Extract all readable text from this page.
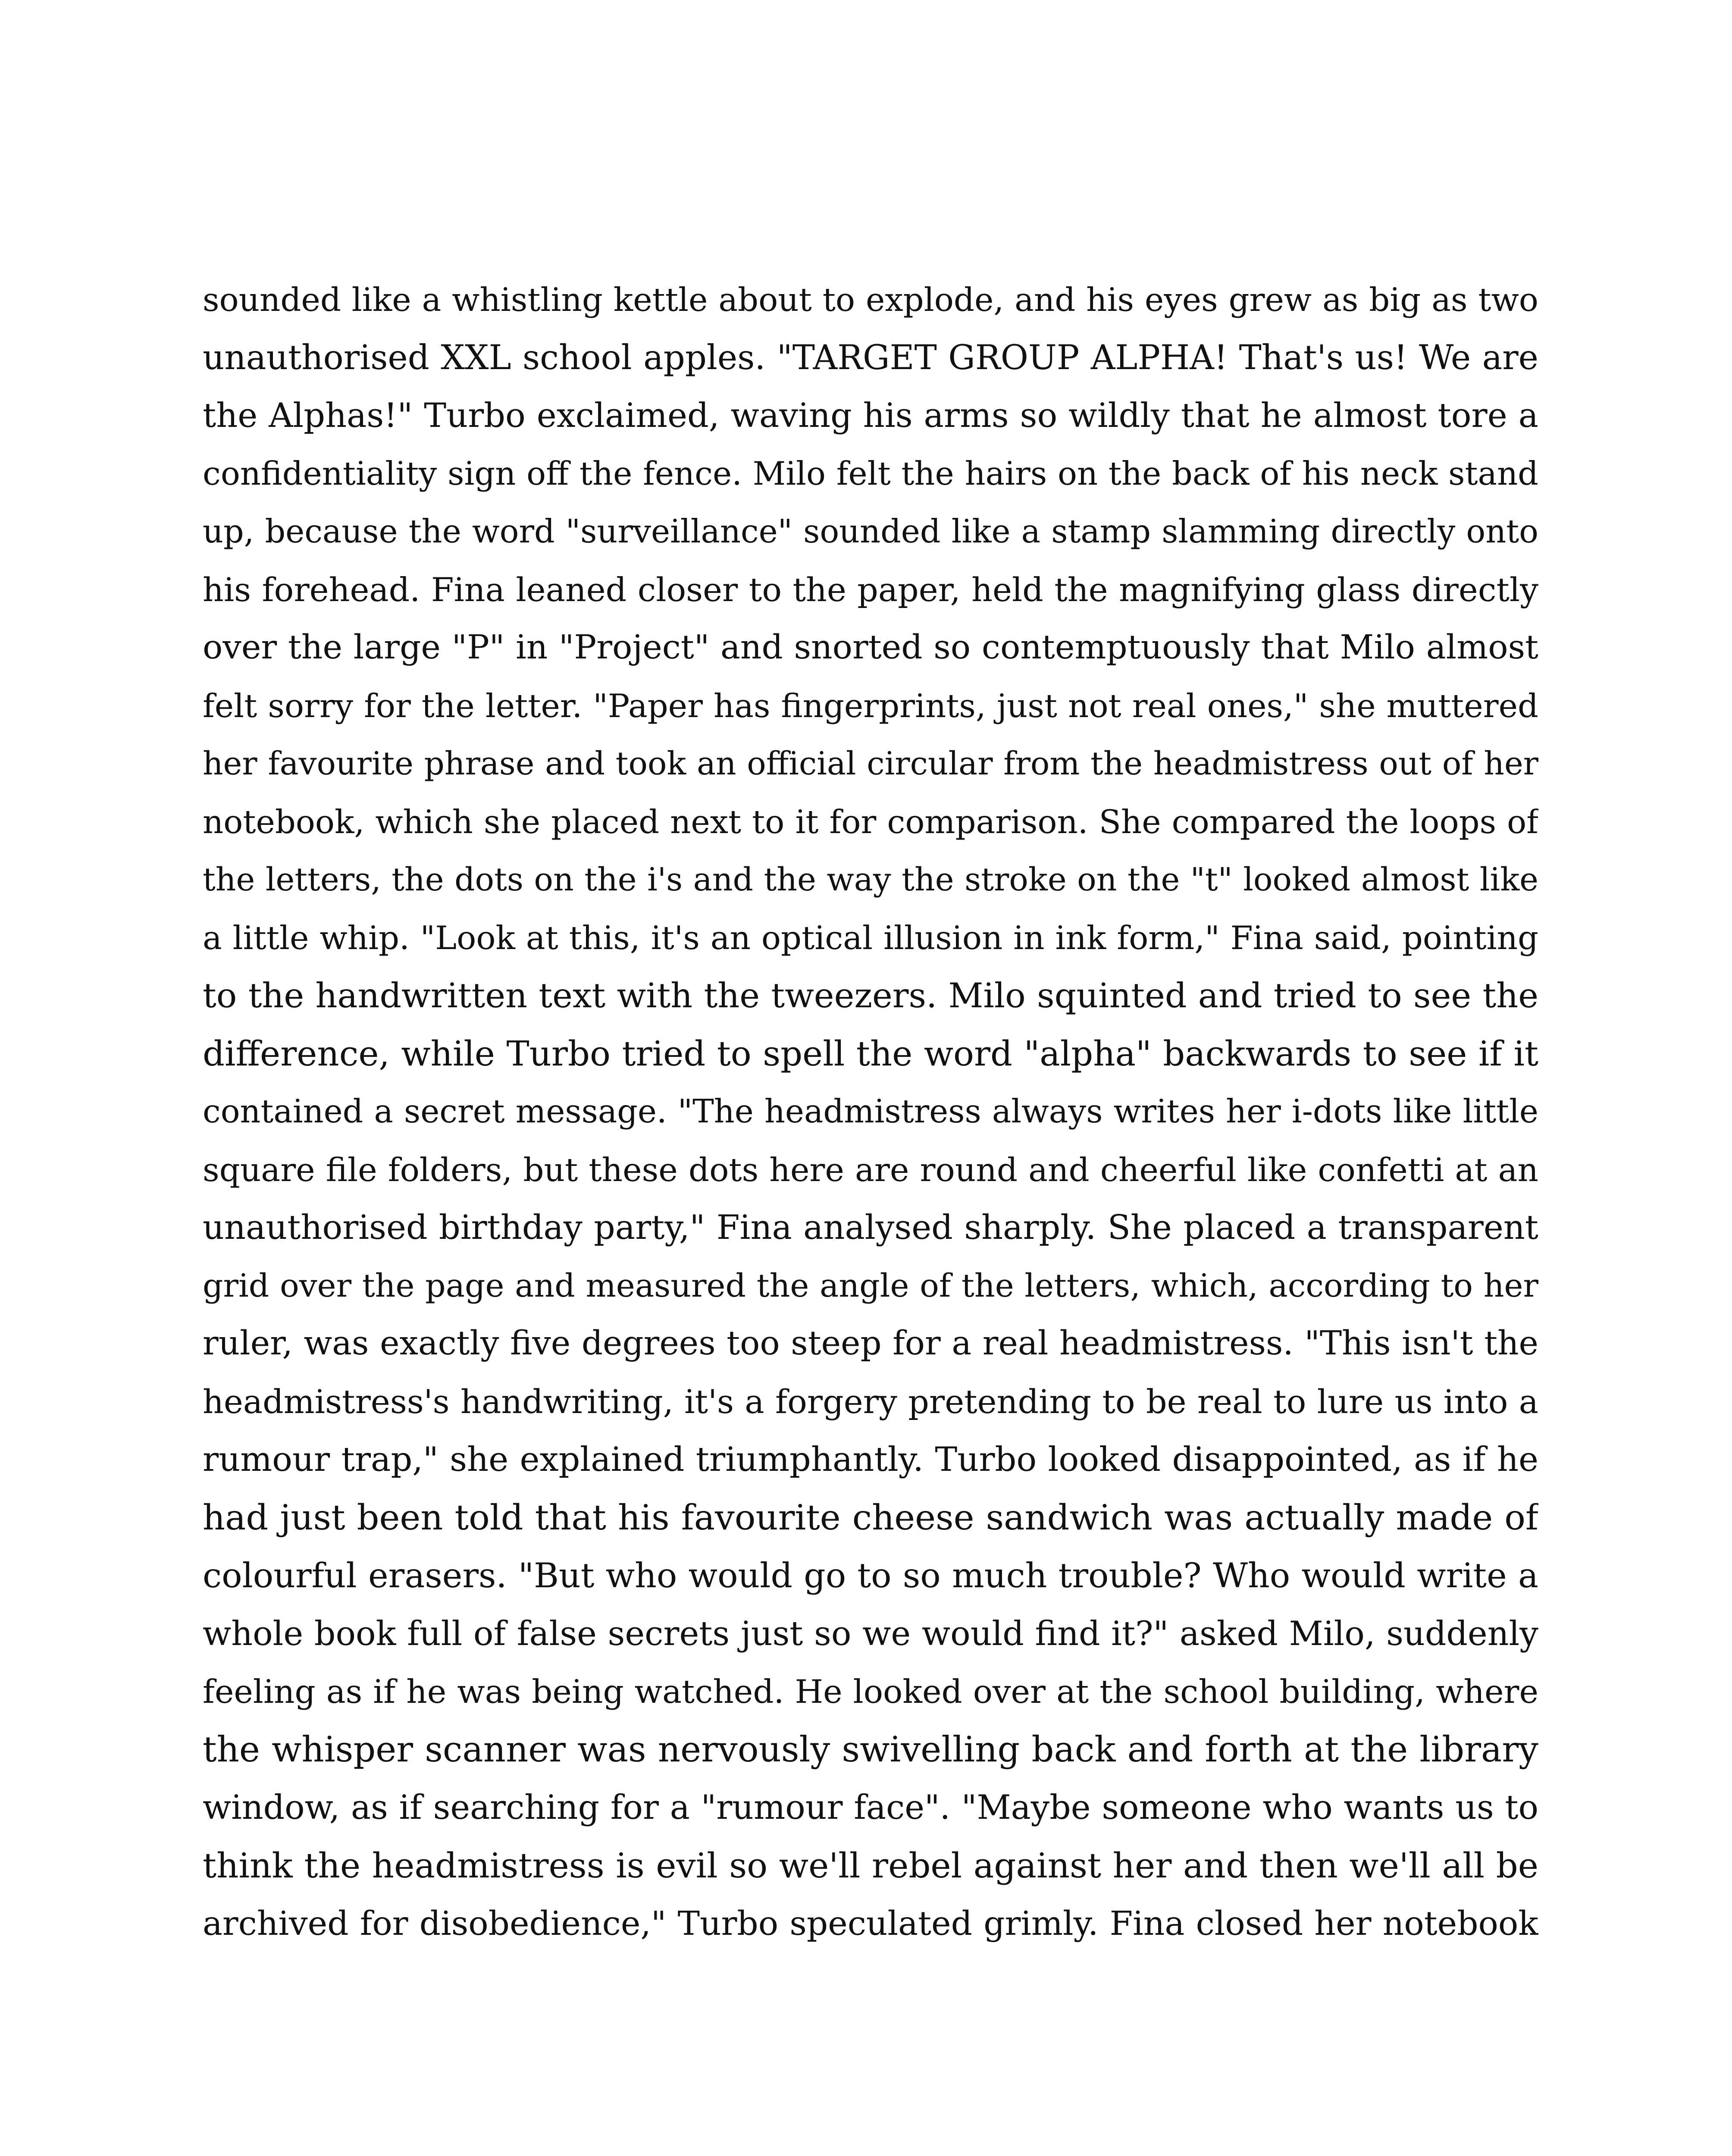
sounded like a whistling kettle about to explode, and his eyes grew as big as two
unauthorised XXL school apples. "TARGET GROUP ALPHA! That's us! We are
the Alphas!" Turbo exclaimed, waving his arms so wildly that he almost tore a
confidentiality sign off the fence. Milo felt the hairs on the back of his neck stand
up, because the word "surveillance" sounded like a stamp slamming directly onto
his forehead. Fina leaned closer to the paper, held the magnifying glass directly
over the large "P" in "Project" and snorted so contemptuously that Milo almost
felt sorry for the letter. "Paper has fingerprints, just not real ones," she muttered
her favourite phrase and took an official circular from the headmistress out of her
notebook, which she placed next to it for comparison. She compared the loops of
the letters, the dots on the i's and the way the stroke on the "t" looked almost like
a little whip. "Look at this, it's an optical illusion in ink form," Fina said, pointing
to the handwritten text with the tweezers. Milo squinted and tried to see the
difference, while Turbo tried to spell the word "alpha" backwards to see if it
contained a secret message. "The headmistress always writes her i-dots like little
square file folders, but these dots here are round and cheerful like confetti at an
unauthorised birthday party," Fina analysed sharply. She placed a transparent
grid over the page and measured the angle of the letters, which, according to her
ruler, was exactly five degrees too steep for a real headmistress. "This isn't the
headmistress's handwriting, it's a forgery pretending to be real to lure us into a
rumour trap," she explained triumphantly. Turbo looked disappointed, as if he
had just been told that his favourite cheese sandwich was actually made of
colourful erasers. "But who would go to so much trouble? Who would write a
whole book full of false secrets just so we would find it?" asked Milo, suddenly
feeling as if he was being watched. He looked over at the school building, where
the whisper scanner was nervously swivelling back and forth at the library
window, as if searching for a "rumour face". "Maybe someone who wants us to
think the headmistress is evil so we'll rebel against her and then we'll all be
archived for disobedience," Turbo speculated grimly. Fina closed her notebook
